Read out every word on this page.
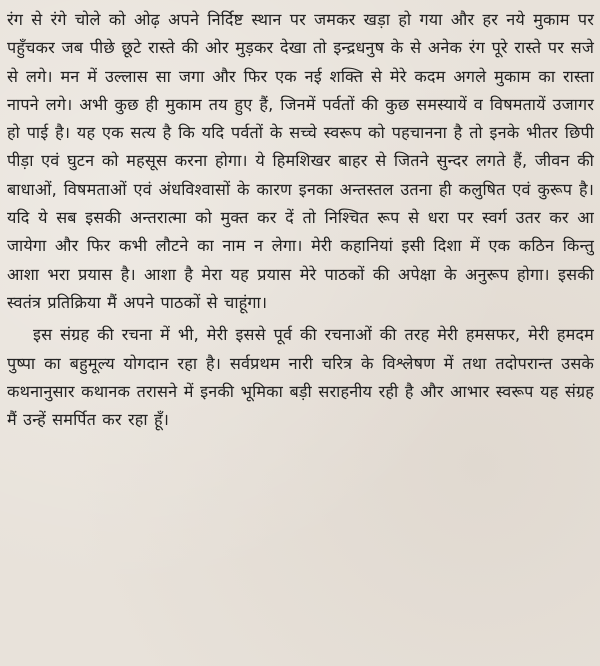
रंग से रंगे चोले को ओढ़ अपने निर्दिष्ट स्थान पर जमकर खड़ा हो गया और हर नये मुकाम पर पहुँचकर जब पीछे छूटे रास्ते की ओर मुड़कर देखा तो इन्द्रधनुष के से अनेक रंग पूरे रास्ते पर सजे से लगे। मन में उल्लास सा जगा और फिर एक नई शक्ति से मेरे कदम अगले मुकाम का रास्ता नापने लगे। अभी कुछ ही मुकाम तय हुए हैं, जिनमें पर्वतों की कुछ समस्यायें व विषमतायें उजागर हो पाई है। यह एक सत्य है कि यदि पर्वतों के सच्चे स्वरूप को पहचानना है तो इनके भीतर छिपी पीड़ा एवं घुटन को महसूस करना होगा। ये हिमशिखर बाहर से जितने सुन्दर लगते हैं, जीवन की बाधाओं, विषमताओं एवं अंधविश्वासों के कारण इनका अन्तस्तल उतना ही कलुषित एवं कुरूप है। यदि ये सब इसकी अन्तरात्मा को मुक्त कर दें तो निश्चित रूप से धरा पर स्वर्ग उतर कर आ जायेगा और फिर कभी लौटने का नाम न लेगा। मेरी कहानियां इसी दिशा में एक कठिन किन्तु आशा भरा प्रयास है। आशा है मेरा यह प्रयास मेरे पाठकों की अपेक्षा के अनुरूप होगा। इसकी स्वतंत्र प्रतिक्रिया मैं अपने पाठकों से चाहूंगा।

इस संग्रह की रचना में भी, मेरी इससे पूर्व की रचनाओं की तरह मेरी हमसफर, मेरी हमदम पुष्पा का बहुमूल्य योगदान रहा है। सर्वप्रथम नारी चरित्र के विश्लेषण में तथा तदोपरान्त उसके कथनानुसार कथानक तरासने में इनकी भूमिका बड़ी सराहनीय रही है और आभार स्वरूप यह संग्रह मैं उन्हें समर्पित कर रहा हूँ।
